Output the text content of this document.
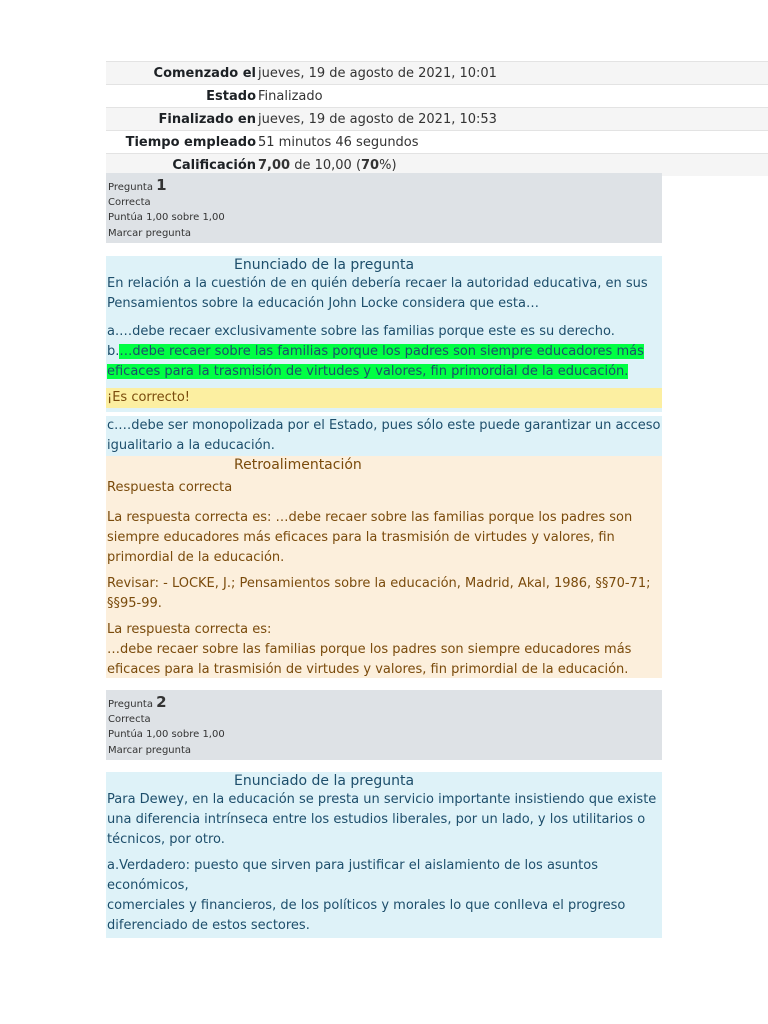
Comenzado el jueves, 19 de agosto de 2021, 10:01
Estado Finalizado
Finalizado en jueves, 19 de agosto de 2021, 10:53
Tiempo empleado 51 minutos 46 segundos
Calificación 7,00 de 10,00 (70%)
Pregunta 1
Correcta
Puntúa 1,00 sobre 1,00
Marcar pregunta
Enunciado de la pregunta

En relación a la cuestión de en quién debería recaer la autoridad educativa, en sus Pensamientos sobre la educación John Locke considera que esta…

a.…debe recaer exclusivamente sobre las familias porque este es su derecho.

b.…debe recaer sobre las familias porque los padres son siempre educadores más eficaces para la trasmisión de virtudes y valores, fin primordial de la educación.

¡Es correcto!

c.…debe ser monopolizada por el Estado, pues sólo este puede garantizar un acceso igualitario a la educación.

Retroalimentación

Respuesta correcta

La respuesta correcta es: …debe recaer sobre las familias porque los padres son siempre educadores más eficaces para la trasmisión de virtudes y valores, fin primordial de la educación.

Revisar: - LOCKE, J.; Pensamientos sobre la educación, Madrid, Akal, 1986, §§70-71; §§95-99.

La respuesta correcta es:

…debe recaer sobre las familias porque los padres son siempre educadores más eficaces para la trasmisión de virtudes y valores, fin primordial de la educación.

Pregunta 2
Correcta
Puntúa 1,00 sobre 1,00
Marcar pregunta
Enunciado de la pregunta

Para Dewey, en la educación se presta un servicio importante insistiendo que existe una diferencia intrínseca entre los estudios liberales, por un lado, y los utilitarios o técnicos, por otro.

a.Verdadero: puesto que sirven para justificar el aislamiento de los asuntos económicos,

comerciales y financieros, de los políticos y morales lo que conlleva el progreso diferenciado de estos sectores.
